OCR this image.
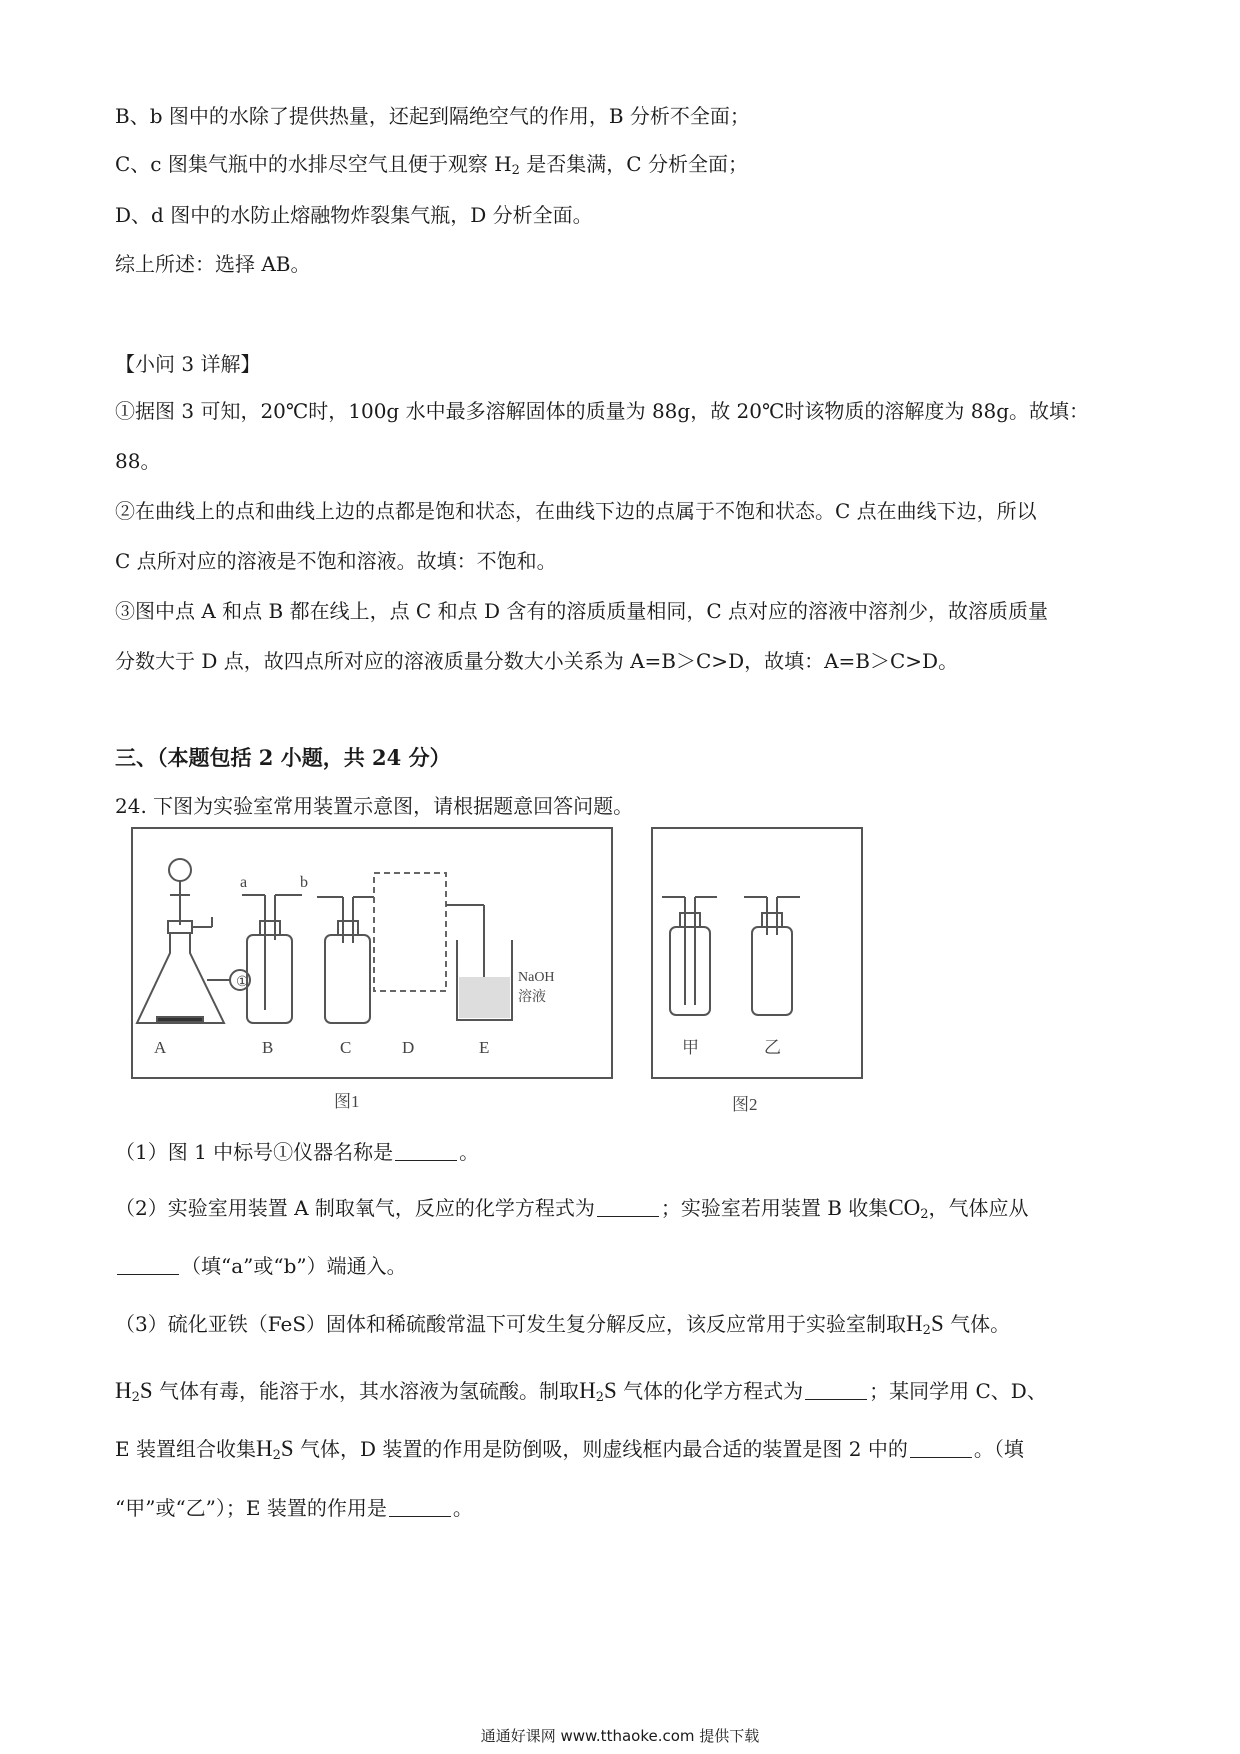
B、b 图中的水除了提供热量，还起到隔绝空气的作用，B 分析不全面；
C、c 图集气瓶中的水排尽空气且便于观察 $H_2$ 是否集满，C 分析全面；
D、d 图中的水防止熔融物炸裂集气瓶，D 分析全面。
综上所述：选择 AB。
【小问 3 详解】
①据图 3 可知，20℃时，100g 水中最多溶解固体的质量为 88g，故 20℃时该物质的溶解度为 88g。故填：
88。
②在曲线上的点和曲线上边的点都是饱和状态，在曲线下边的点属于不饱和状态。C 点在曲线下边，所以
C 点所对应的溶液是不饱和溶液。故填：不饱和。
③图中点 A 和点 B 都在线上，点 C 和点 D 含有的溶质质量相同，C 点对应的溶液中溶剂少，故溶质质量
分数大于 D 点，故四点所对应的溶液质量分数大小关系为 A=B＞C>D，故填：A=B＞C>D。
三、（本题包括 2 小题，共 24 分）
24. 下图为实验室常用装置示意图，请根据题意回答问题。
①
a	b
NaOH
溶液
A	B	C	D	E
图1
甲	乙
图2
（1）图 1 中标号①仪器名称是	。
（2）实验室用装置 A 制取氧气，反应的化学方程式为	；实验室若用装置 B 收集$CO_2$，气体应从
（填“a”或“b”）端通入。
（3）硫化亚铁（FeS）固体和稀硫酸常温下可发生复分解反应，该反应常用于实验室制取$H_2S$ 气体。
$H_2S$ 气体有毒，能溶于水，其水溶液为氢硫酸。制取$H_2S$ 气体的化学方程式为	；某同学用 C、D、
E 装置组合收集$H_2S$ 气体，D 装置的作用是防倒吸，则虚线框内最合适的装置是图 2 中的	。（填
“甲”或“乙”）；E 装置的作用是	。
通通好课网 www.tthaoke.com 提供下载
